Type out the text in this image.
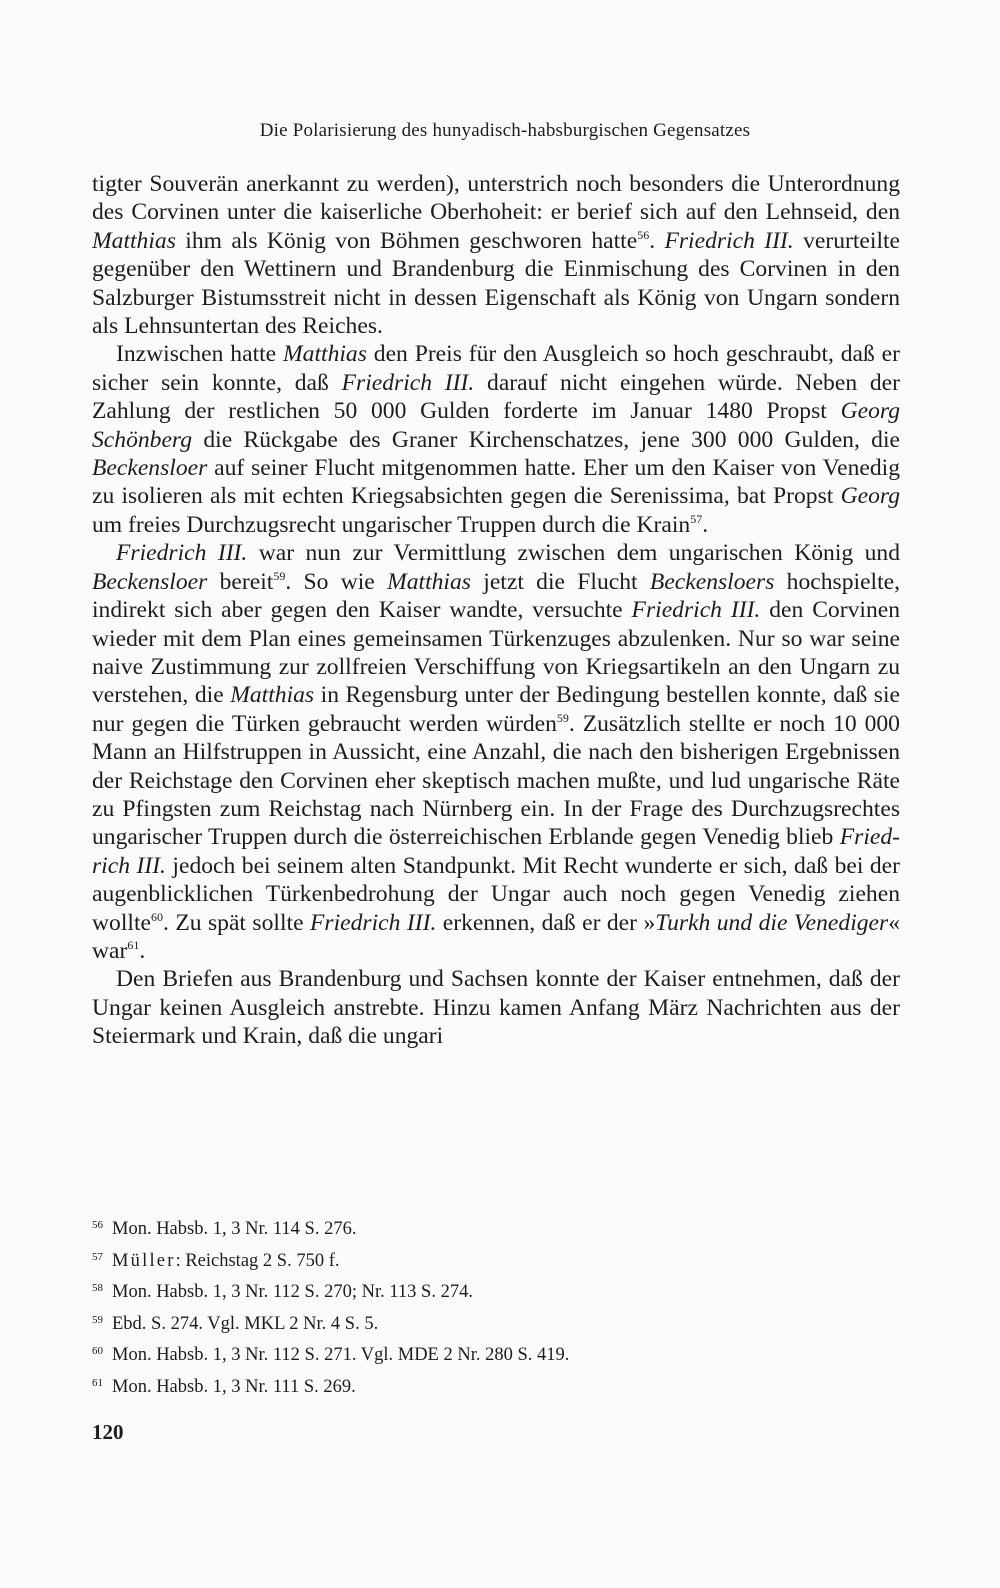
Die Polarisierung des hunyadisch-habsburgischen Gegensatzes

tigter Souverän anerkannt zu werden), unterstrich noch besonders die Unterordnung des Corvinen unter die kaiserliche Oberhoheit: er berief sich auf den Lehnseid, den Matthias ihm als König von Böhmen geschworen hatte$^{56}$. Friedrich III. verurteilte gegenüber den Wettinern und Brandenburg die Einmischung des Corvinen in den Salzburger Bistumsstreit nicht in dessen Eigenschaft als König von Ungarn sondern als Lehnsuntertan des Reiches.

Inzwischen hatte Matthias den Preis für den Ausgleich so hoch geschraubt, daß er sicher sein konnte, daß Friedrich III. darauf nicht eingehen würde. Neben der Zahlung der restlichen 50 000 Gulden forderte im Januar 1480 Propst Georg Schönberg die Rückgabe des Graner Kirchenschatzes, jene 300 000 Gulden, die Beckensloer auf seiner Flucht mitgenommen hatte. Eher um den Kaiser von Venedig zu isolieren als mit echten Kriegsabsichten gegen die Serenissima, bat Propst Georg um freies Durchzugsrecht ungarischer Truppen durch die Krain$^{57}$.

Friedrich III. war nun zur Vermittlung zwischen dem ungarischen König und Beckensloer bereit$^{59}$. So wie Matthias jetzt die Flucht Beckensloers hochspielte, indirekt sich aber gegen den Kaiser wandte, versuchte Friedrich III. den Corvinen wieder mit dem Plan eines gemeinsamen Türkenzuges abzulenken. Nur so war seine naive Zustimmung zur zollfreien Verschiffung von Kriegsartikeln an den Ungarn zu verstehen, die Matthias in Regensburg unter der Bedingung bestellen konnte, daß sie nur gegen die Türken gebraucht werden würden$^{59}$. Zusätzlich stellte er noch 10 000 Mann an Hilfstruppen in Aussicht, eine Anzahl, die nach den bisherigen Ergebnissen der Reichstage den Corvinen eher skeptisch machen mußte, und lud ungarische Räte zu Pfingsten zum Reichstag nach Nürnberg ein. In der Frage des Durchzugsrechtes ungarischer Truppen durch die österreichischen Erblande gegen Venedig blieb Friedrich III. jedoch bei seinem alten Standpunkt. Mit Recht wunderte er sich, daß bei der augenblicklichen Türkenbedrohung der Ungar auch noch gegen Venedig ziehen wollte$^{60}$. Zu spät sollte Friedrich III. erkennen, daß er der »Turkh und die Venediger« war$^{61}$.

Den Briefen aus Brandenburg und Sachsen konnte der Kaiser entnehmen, daß der Ungar keinen Ausgleich anstrebte. Hinzu kamen Anfang März Nachrichten aus der Steiermark und Krain, daß die ungari

56 Mon. Habsb. 1, 3 Nr. 114 S. 276.
57 Müller: Reichstag 2 S. 750 f.
58 Mon. Habsb. 1, 3 Nr. 112 S. 270; Nr. 113 S. 274.
59 Ebd. S. 274. Vgl. MKL 2 Nr. 4 S. 5.
60 Mon. Habsb. 1, 3 Nr. 112 S. 271. Vgl. MDE 2 Nr. 280 S. 419.
61 Mon. Habsb. 1, 3 Nr. 111 S. 269.
120
